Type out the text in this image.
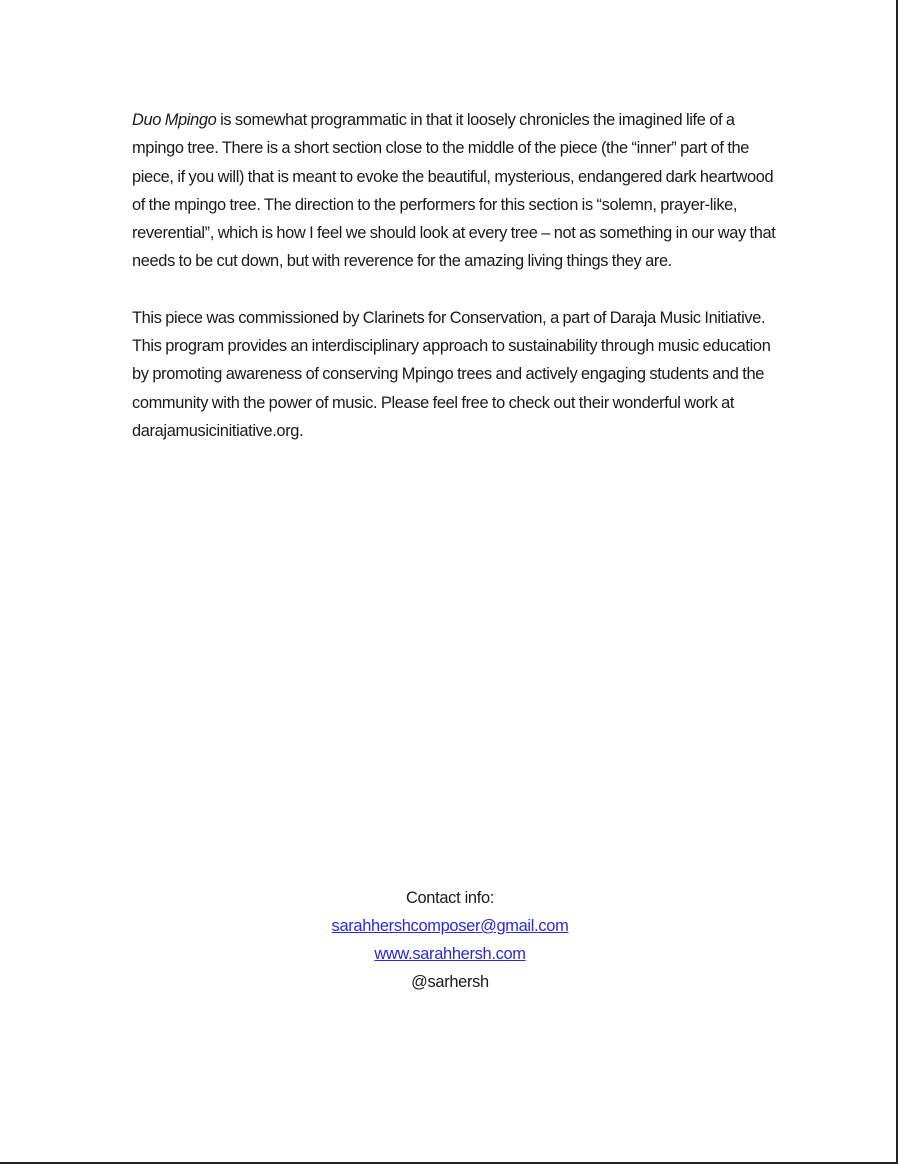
Duo Mpingo is somewhat programmatic in that it loosely chronicles the imagined life of a mpingo tree. There is a short section close to the middle of the piece (the “inner” part of the piece, if you will) that is meant to evoke the beautiful, mysterious, endangered dark heartwood of the mpingo tree. The direction to the performers for this section is “solemn, prayer-like, reverential”, which is how I feel we should look at every tree – not as something in our way that needs to be cut down, but with reverence for the amazing living things they are.

This piece was commissioned by Clarinets for Conservation, a part of Daraja Music Initiative. This program provides an interdisciplinary approach to sustainability through music education by promoting awareness of conserving Mpingo trees and actively engaging students and the community with the power of music. Please feel free to check out their wonderful work at darajamusicinitiative.org.

Contact info:
sarahhershcomposer@gmail.com
www.sarahhersh.com
@sarhersh
